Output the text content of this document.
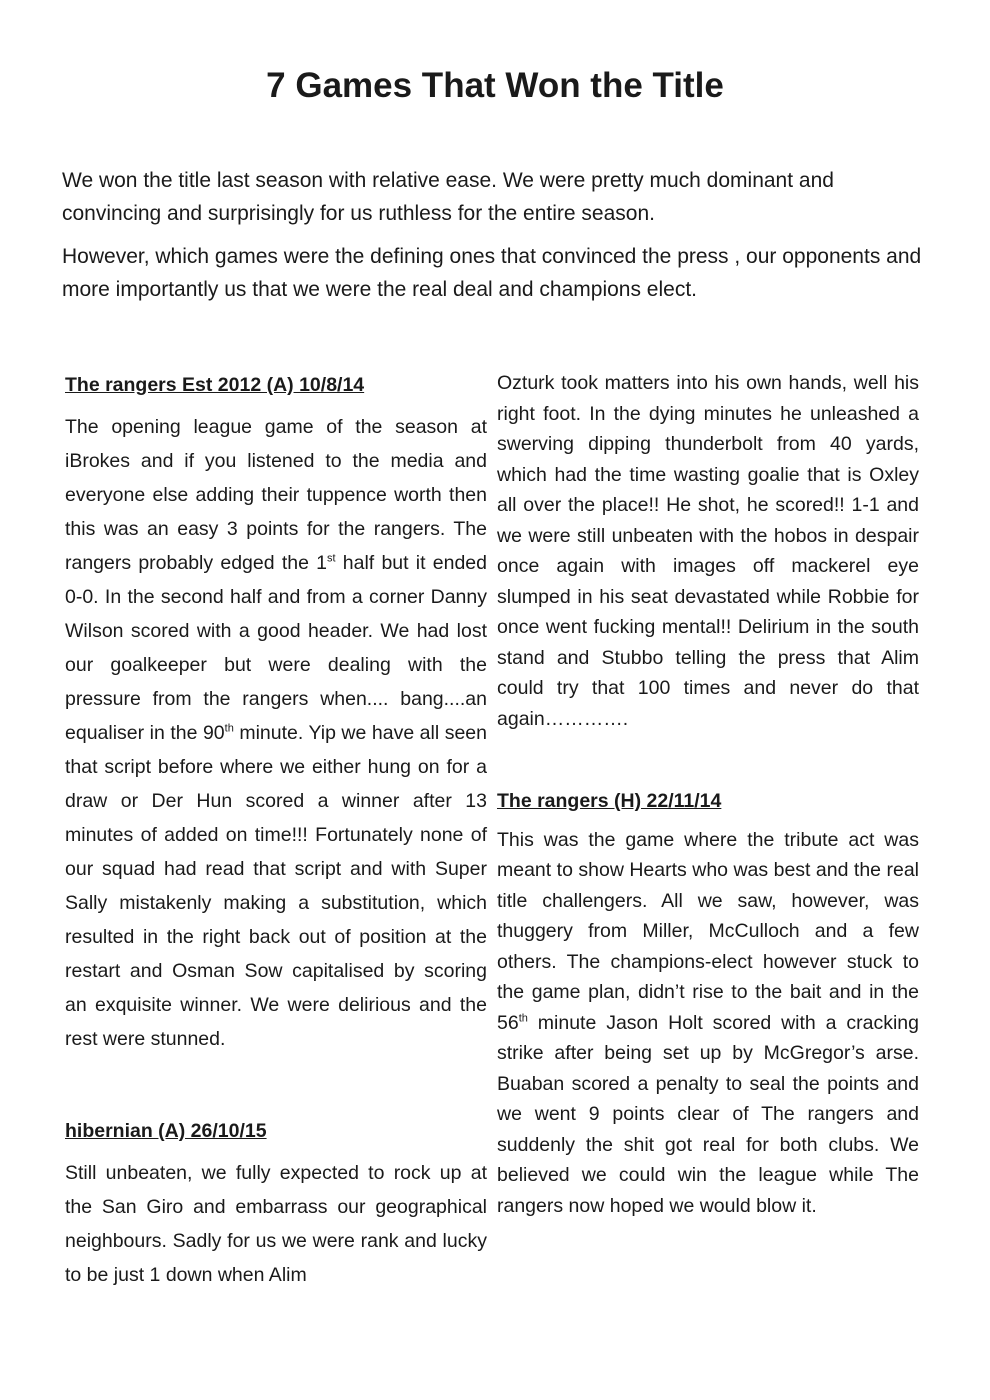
7 Games That Won the Title

We won the title last season with relative ease. We were pretty much dominant and convincing and surprisingly for us ruthless for the entire season.

However, which games were the defining ones that convinced the press , our opponents and more importantly us that we were the real deal and champions elect.

The rangers Est 2012 (A) 10/8/14

The opening league game of the season at iBrokes and if you listened to the media and everyone else adding their tuppence worth then this was an easy 3 points for the rangers. The rangers probably edged the 1st half but it ended 0-0. In the second half and from a corner Danny Wilson scored with a good header. We had lost our goalkeeper but were dealing with the pressure from the rangers when.... bang....an equaliser in the 90th minute. Yip we have all seen that script before where we either hung on for a draw or Der Hun scored a winner after 13 minutes of added on time!!! Fortunately none of our squad had read that script and with Super Sally mistakenly making a substitution, which resulted in the right back out of position at the restart and Osman Sow capitalised by scoring an exquisite winner. We were delirious and the rest were stunned.

hibernian (A) 26/10/15

Still unbeaten, we fully expected to rock up at the San Giro and embarrass our geographical neighbours. Sadly for us we were rank and lucky to be just 1 down when Alim

Ozturk took matters into his own hands, well his right foot. In the dying minutes he unleashed a swerving dipping thunderbolt from 40 yards, which had the time wasting goalie that is Oxley all over the place!! He shot, he scored!! 1-1 and we were still unbeaten with the hobos in despair once again with images off mackerel eye slumped in his seat devastated while Robbie for once went fucking mental!! Delirium in the south stand and Stubbo telling the press that Alim could try that 100 times and never do that again………….

The rangers (H) 22/11/14

This was the game where the tribute act was meant to show Hearts who was best and the real title challengers. All we saw, however, was thuggery from Miller, McCulloch and a few others. The champions-elect however stuck to the game plan, didn’t rise to the bait and in the 56th minute Jason Holt scored with a cracking strike after being set up by McGregor’s arse. Buaban scored a penalty to seal the points and we went 9 points clear of The rangers and suddenly the shit got real for both clubs. We believed we could win the league while The rangers now hoped we would blow it.
